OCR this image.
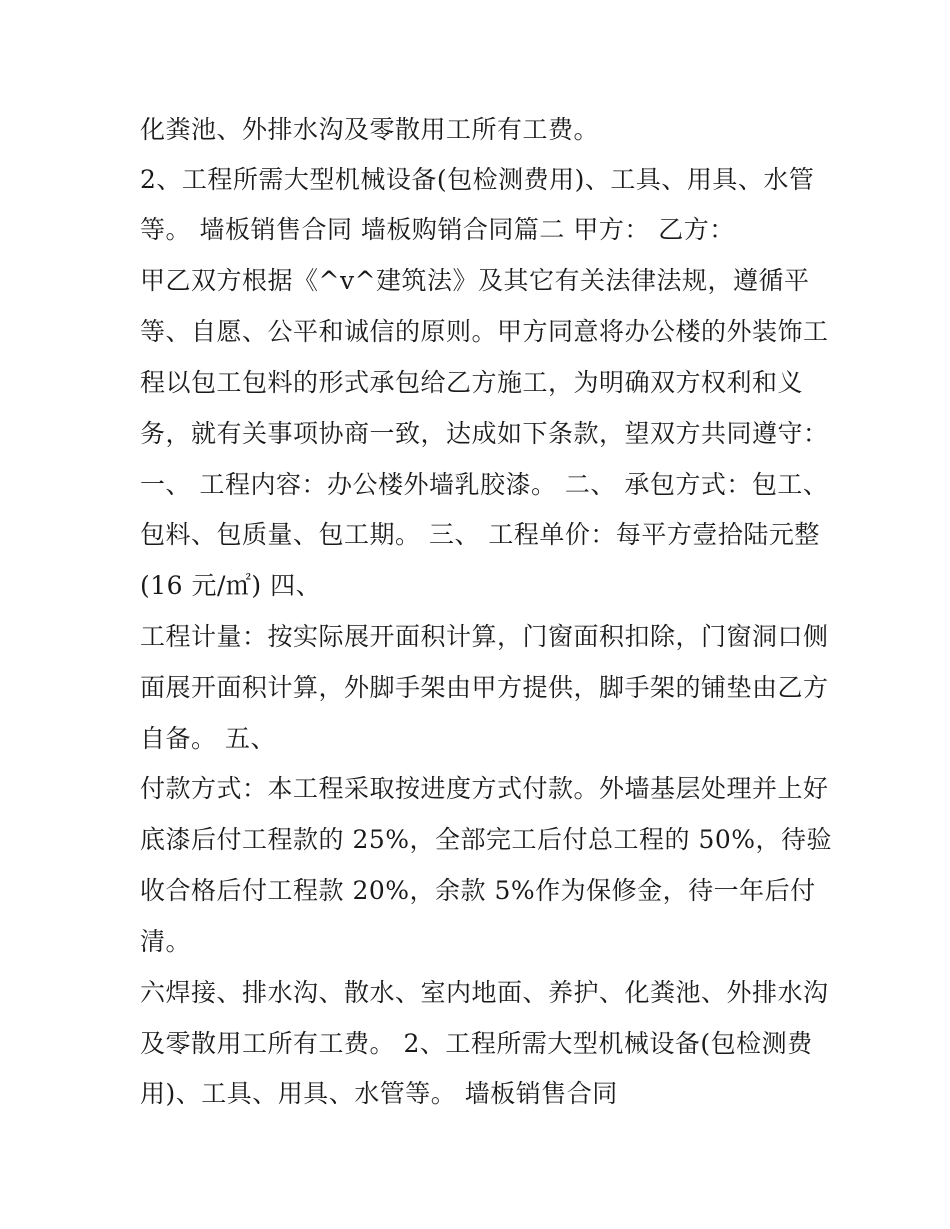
化粪池、外排水沟及零散用工所有工费。
2、工程所需大型机械设备(包检测费用)、工具、用具、水管
等。 墙板销售合同 墙板购销合同篇二 甲方： 乙方：
甲乙双方根据《^v^建筑法》及其它有关法律法规，遵循平
等、自愿、公平和诚信的原则。甲方同意将办公楼的外装饰工
程以包工包料的形式承包给乙方施工，为明确双方权利和义
务，就有关事项协商一致，达成如下条款，望双方共同遵守：
一、 工程内容：办公楼外墙乳胶漆。 二、 承包方式：包工、
包料、包质量、包工期。 三、 工程单价：每平方壹拾陆元整
(16 元/㎡) 四、
工程计量：按实际展开面积计算，门窗面积扣除，门窗洞口侧
面展开面积计算，外脚手架由甲方提供，脚手架的铺垫由乙方
自备。 五、
付款方式：本工程采取按进度方式付款。外墙基层处理并上好
底漆后付工程款的 25%，全部完工后付总工程的 50%，待验
收合格后付工程款 20%，余款 5%作为保修金，待一年后付
清。
六焊接、排水沟、散水、室内地面、养护、化粪池、外排水沟
及零散用工所有工费。 2、工程所需大型机械设备(包检测费
用)、工具、用具、水管等。 墙板销售合同
